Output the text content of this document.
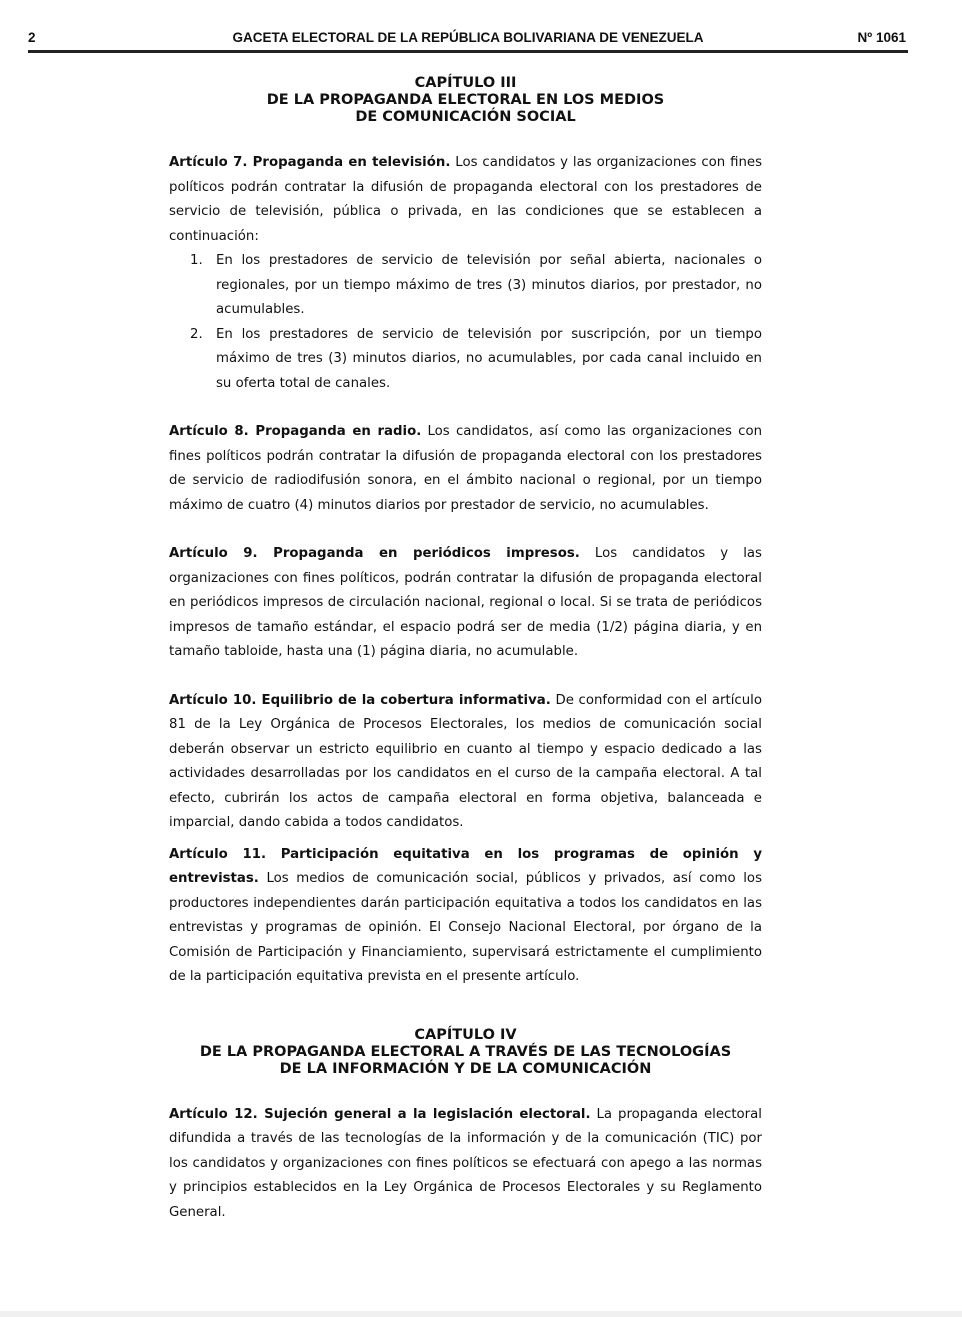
2	GACETA ELECTORAL DE LA REPÚBLICA BOLIVARIANA DE VENEZUELA	Nº 1061
CAPÍTULO III
DE LA PROPAGANDA ELECTORAL EN LOS MEDIOS
DE COMUNICACIÓN SOCIAL

Artículo 7. Propaganda en televisión. Los candidatos y las organizaciones con fines políticos podrán contratar la difusión de propaganda electoral con los prestadores de servicio de televisión, pública o privada, en las condiciones que se establecen a continuación:

1. En los prestadores de servicio de televisión por señal abierta, nacionales o regionales, por un tiempo máximo de tres (3) minutos diarios, por prestador, no acumulables.
2. En los prestadores de servicio de televisión por suscripción, por un tiempo máximo de tres (3) minutos diarios, no acumulables, por cada canal incluido en su oferta total de canales.

Artículo 8. Propaganda en radio. Los candidatos, así como las organizaciones con fines políticos podrán contratar la difusión de propaganda electoral con los prestadores de servicio de radiodifusión sonora, en el ámbito nacional o regional, por un tiempo máximo de cuatro (4) minutos diarios por prestador de servicio, no acumulables.

Artículo 9. Propaganda en periódicos impresos. Los candidatos y las organizaciones con fines políticos, podrán contratar la difusión de propaganda electoral en periódicos impresos de circulación nacional, regional o local. Si se trata de periódicos impresos de tamaño estándar, el espacio podrá ser de media (1/2) página diaria, y en tamaño tabloide, hasta una (1) página diaria, no acumulable.

Artículo 10. Equilibrio de la cobertura informativa. De conformidad con el artículo 81 de la Ley Orgánica de Procesos Electorales, los medios de comunicación social deberán observar un estricto equilibrio en cuanto al tiempo y espacio dedicado a las actividades desarrolladas por los candidatos en el curso de la campaña electoral. A tal efecto, cubrirán los actos de campaña electoral en forma objetiva, balanceada e imparcial, dando cabida a todos candidatos.

Artículo 11. Participación equitativa en los programas de opinión y entrevistas. Los medios de comunicación social, públicos y privados, así como los productores independientes darán participación equitativa a todos los candidatos en las entrevistas y programas de opinión. El Consejo Nacional Electoral, por órgano de la Comisión de Participación y Financiamiento, supervisará estrictamente el cumplimiento de la participación equitativa prevista en el presente artículo.

CAPÍTULO IV
DE LA PROPAGANDA ELECTORAL A TRAVÉS DE LAS TECNOLOGÍAS
DE LA INFORMACIÓN Y DE LA COMUNICACIÓN

Artículo 12. Sujeción general a la legislación electoral. La propaganda electoral difundida a través de las tecnologías de la información y de la comunicación (TIC) por los candidatos y organizaciones con fines políticos se efectuará con apego a las normas y principios establecidos en la Ley Orgánica de Procesos Electorales y su Reglamento General.
